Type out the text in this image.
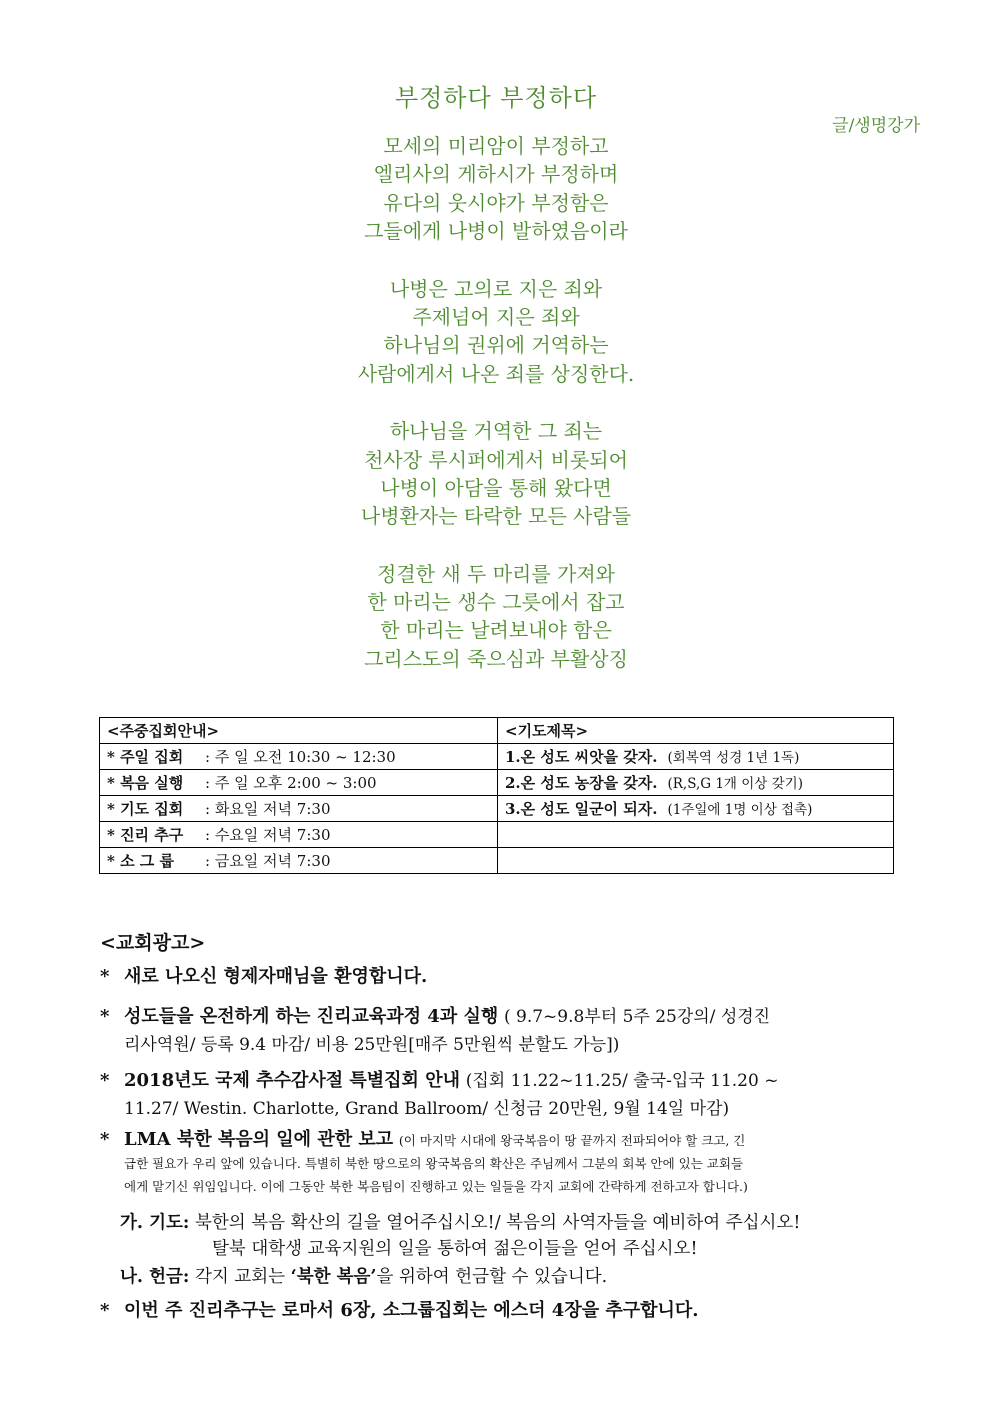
부정하다 부정하다
글/생명강가
모세의 미리암이 부정하고
엘리사의 게하시가 부정하며
유다의 웃시야가 부정함은
그들에게 나병이 발하였음이라
나병은 고의로 지은 죄와
주제넘어 지은 죄와
하나님의 권위에 거역하는
사람에게서 나온 죄를 상징한다.
하나님을 거역한 그 죄는
천사장 루시퍼에게서 비롯되어
나병이 아담을 통해 왔다면
나병환자는 타락한 모든 사람들
정결한 새 두 마리를 가져와
한 마리는 생수 그릇에서 잡고
한 마리는 날려보내야 함은
그리스도의 죽으심과 부활상징
<주중집회안내>	<기도제목>
* 주일 집회 : 주 일 오전 10:30 ~ 12:30	1.온 성도 씨앗을 갖자. (회복역 성경 1년 1독)
* 복음 실행 : 주 일 오후 2:00 ~ 3:00	2.온 성도 농장을 갖자. (R,S,G 1개 이상 갖기)
* 기도 집회 : 화요일 저녁 7:30	3.온 성도 일군이 되자. (1주일에 1명 이상 접촉)
* 진리 추구 : 수요일 저녁 7:30	
* 소 그 룹 : 금요일 저녁 7:30	
<교회광고>
* 새로 나오신 형제자매님을 환영합니다.
* 성도들을 온전하게 하는 진리교육과정 4과 실행 ( 9.7~9.8부터 5주 25강의/ 성경진
리사역원/ 등록 9.4 마감/ 비용 25만원[매주 5만원씩 분할도 가능])
* 2018년도 국제 추수감사절 특별집회 안내 (집회 11.22~11.25/ 출국-입국 11.20 ~
11.27/ Westin. Charlotte, Grand Ballroom/ 신청금 20만원, 9월 14일 마감)
* LMA 북한 복음의 일에 관한 보고 (이 마지막 시대에 왕국복음이 땅 끝까지 전파되어야 할 크고, 긴
급한 필요가 우리 앞에 있습니다. 특별히 북한 땅으로의 왕국복음의 확산은 주님께서 그분의 회복 안에 있는 교회들
에게 맡기신 위임입니다. 이에 그동안 북한 복음팀이 진행하고 있는 일들을 각지 교회에 간략하게 전하고자 합니다.)
가. 기도: 북한의 복음 확산의 길을 열어주십시오!/ 복음의 사역자들을 예비하여 주십시오!
탈북 대학생 교육지원의 일을 통하여 젊은이들을 얻어 주십시오!
나. 헌금: 각지 교회는 ‘북한 복음’을 위하여 헌금할 수 있습니다.
* 이번 주 진리추구는 로마서 6장, 소그룹집회는 에스더 4장을 추구합니다.
